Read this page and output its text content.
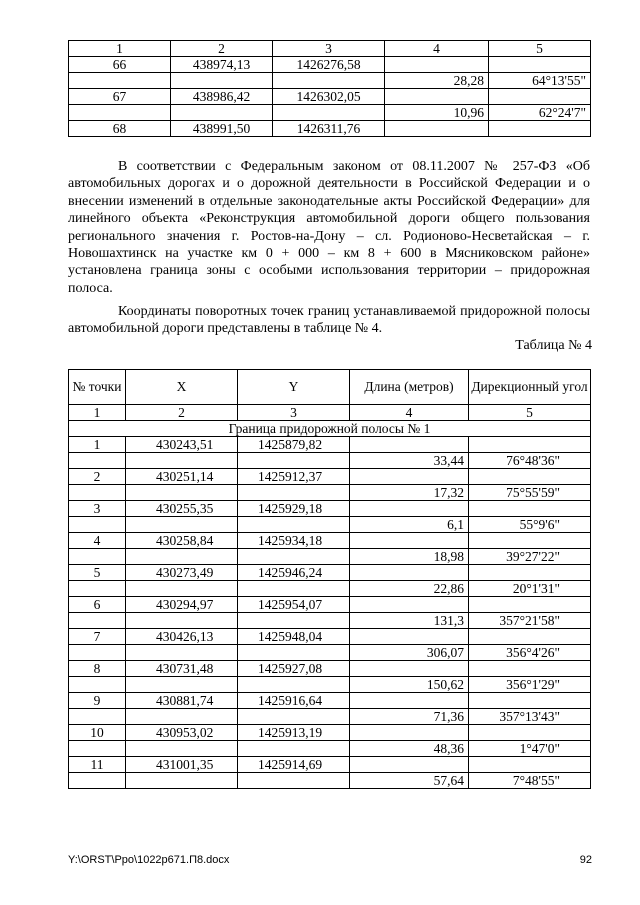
1	2	3	4	5
66	438974,13	1426276,58		
			28,28	64°13'55"
67	438986,42	1426302,05		
			10,96	62°24'7"
68	438991,50	1426311,76		

В соответствии с Федеральным законом от 08.11.2007 № 257-ФЗ «Об автомобильных дорогах и о дорожной деятельности в Российской Федерации и о внесении изменений в отдельные законодательные акты Российской Федерации» для линейного объекта «Реконструкция автомобильной дороги общего пользования регионального значения г. Ростов-на-Дону – сл. Родионово-Несветайская – г. Новошахтинск на участке км 0 + 000 – км 8 + 600 в Мясниковском районе» установлена граница зоны с особыми использования территории – придорожная полоса.

Координаты поворотных точек границ устанавливаемой придорожной полосы автомобильной дороги представлены в таблице № 4.

Таблица № 4
№ точки	X	Y	Длина (метров)	Дирекционный угол
1	2	3	4	5
Граница придорожной полосы № 1				
1	430243,51	1425879,82		
			33,44	76°48'36"
2	430251,14	1425912,37		
			17,32	75°55'59"
3	430255,35	1425929,18		
			6,1	55°9'6"
4	430258,84	1425934,18		
			18,98	39°27'22"
5	430273,49	1425946,24		
			22,86	20°1'31"
6	430294,97	1425954,07		
			131,3	357°21'58"
7	430426,13	1425948,04		
			306,07	356°4'26"
8	430731,48	1425927,08		
			150,62	356°1'29"
9	430881,74	1425916,64		
			71,36	357°13'43"
10	430953,02	1425913,19		
			48,36	1°47'0"
11	431001,35	1425914,69		
			57,64	7°48'55"
Y:\ORST\Ppo\1022p671.П8.docx	92
